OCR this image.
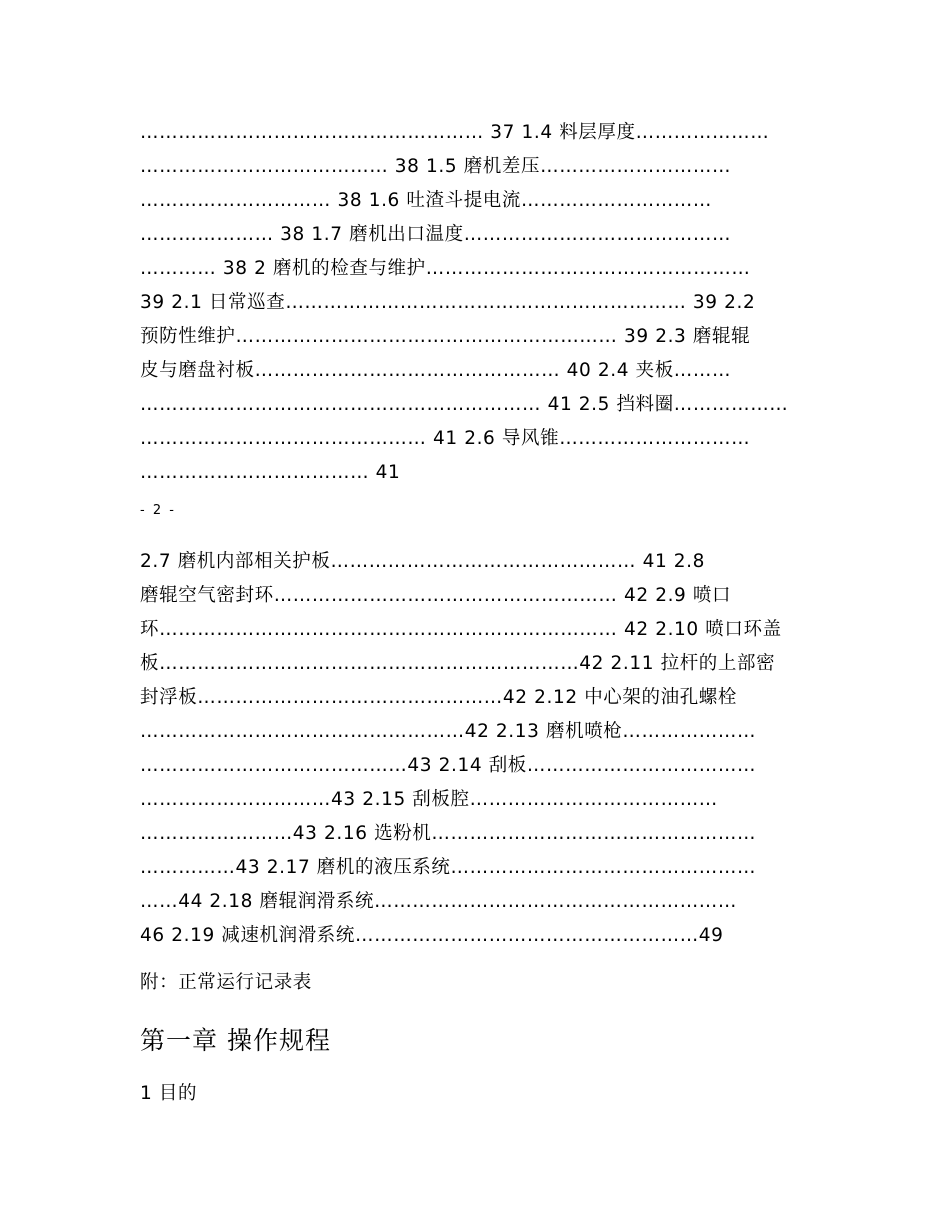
……………………………………………… 37 1.4 料层厚度…………………
………………………………… 38 1.5 磨机差压…………………………
………………………… 38 1.6 吐渣斗提电流…………………………
………………… 38 1.7 磨机出口温度……………………………………
………… 38 2 磨机的检查与维护……………………………………………
39 2.1 日常巡查……………………………………………………… 39 2.2
预防性维护…………………………………………………… 39 2.3 磨辊辊
皮与磨盘衬板………………………………………… 40 2.4 夹板………
……………………………………………………… 41 2.5 挡料圈………………
……………………………………… 41 2.6 导风锥…………………………
……………………………… 41
- 2 -
2.7 磨机内部相关护板………………………………………… 41 2.8
磨辊空气密封环……………………………………………… 42 2.9 喷口
环……………………………………………………………… 42 2.10 喷口环盖
板…………………………………………………………42 2.11 拉杆的上部密
封浮板…………………………………………42 2.12 中心架的油孔螺栓
……………………………………………42 2.13 磨机喷枪…………………
……………………………………43 2.14 刮板………………………………
…………………………43 2.15 刮板腔…………………………………
……………………43 2.16 选粉机……………………………………………
……………43 2.17 磨机的液压系统…………………………………………
……44 2.18 磨辊润滑系统…………………………………………………
46 2.19 减速机润滑系统………………………………………………49
附：正常运行记录表
第一章 操作规程
1 目的
